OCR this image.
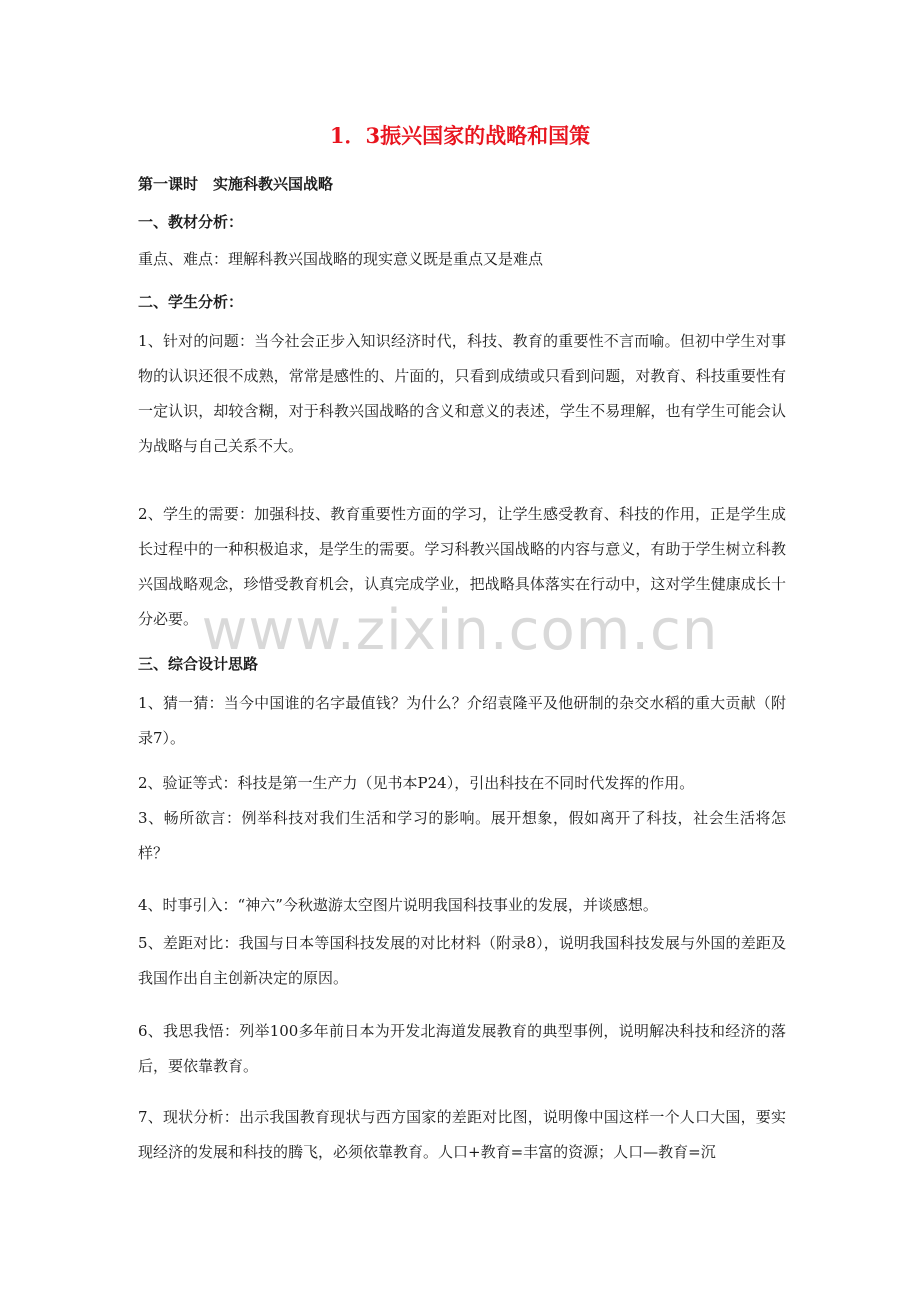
1．3振兴国家的战略和国策
第一课时　实施科教兴国战略
一、教材分析：
重点、难点：理解科教兴国战略的现实意义既是重点又是难点
二、学生分析：
1、针对的问题：当今社会正步入知识经济时代，科技、教育的重要性不言而喻。但初中学生对事物的认识还很不成熟，常常是感性的、片面的，只看到成绩或只看到问题，对教育、科技重要性有一定认识，却较含糊，对于科教兴国战略的含义和意义的表述，学生不易理解，也有学生可能会认为战略与自己关系不大。
2、学生的需要：加强科技、教育重要性方面的学习，让学生感受教育、科技的作用，正是学生成长过程中的一种积极追求，是学生的需要。学习科教兴国战略的内容与意义，有助于学生树立科教兴国战略观念，珍惜受教育机会，认真完成学业，把战略具体落实在行动中，这对学生健康成长十分必要。
三、综合设计思路
1、猜一猜：当今中国谁的名字最值钱？为什么？介绍袁隆平及他研制的杂交水稻的重大贡献（附录7）。
2、验证等式：科技是第一生产力（见书本P24），引出科技在不同时代发挥的作用。
3、畅所欲言：例举科技对我们生活和学习的影响。展开想象，假如离开了科技，社会生活将怎样？
4、时事引入：“神六”今秋遨游太空图片说明我国科技事业的发展，并谈感想。
5、差距对比：我国与日本等国科技发展的对比材料（附录8），说明我国科技发展与外国的差距及我国作出自主创新决定的原因。
6、我思我悟：列举100多年前日本为开发北海道发展教育的典型事例，说明解决科技和经济的落后，要依靠教育。
7、现状分析：出示我国教育现状与西方国家的差距对比图，说明像中国这样一个人口大国，要实现经济的发展和科技的腾飞，必须依靠教育。人口+教育=丰富的资源；人口—教育=沉
www.zixin.com.cn
